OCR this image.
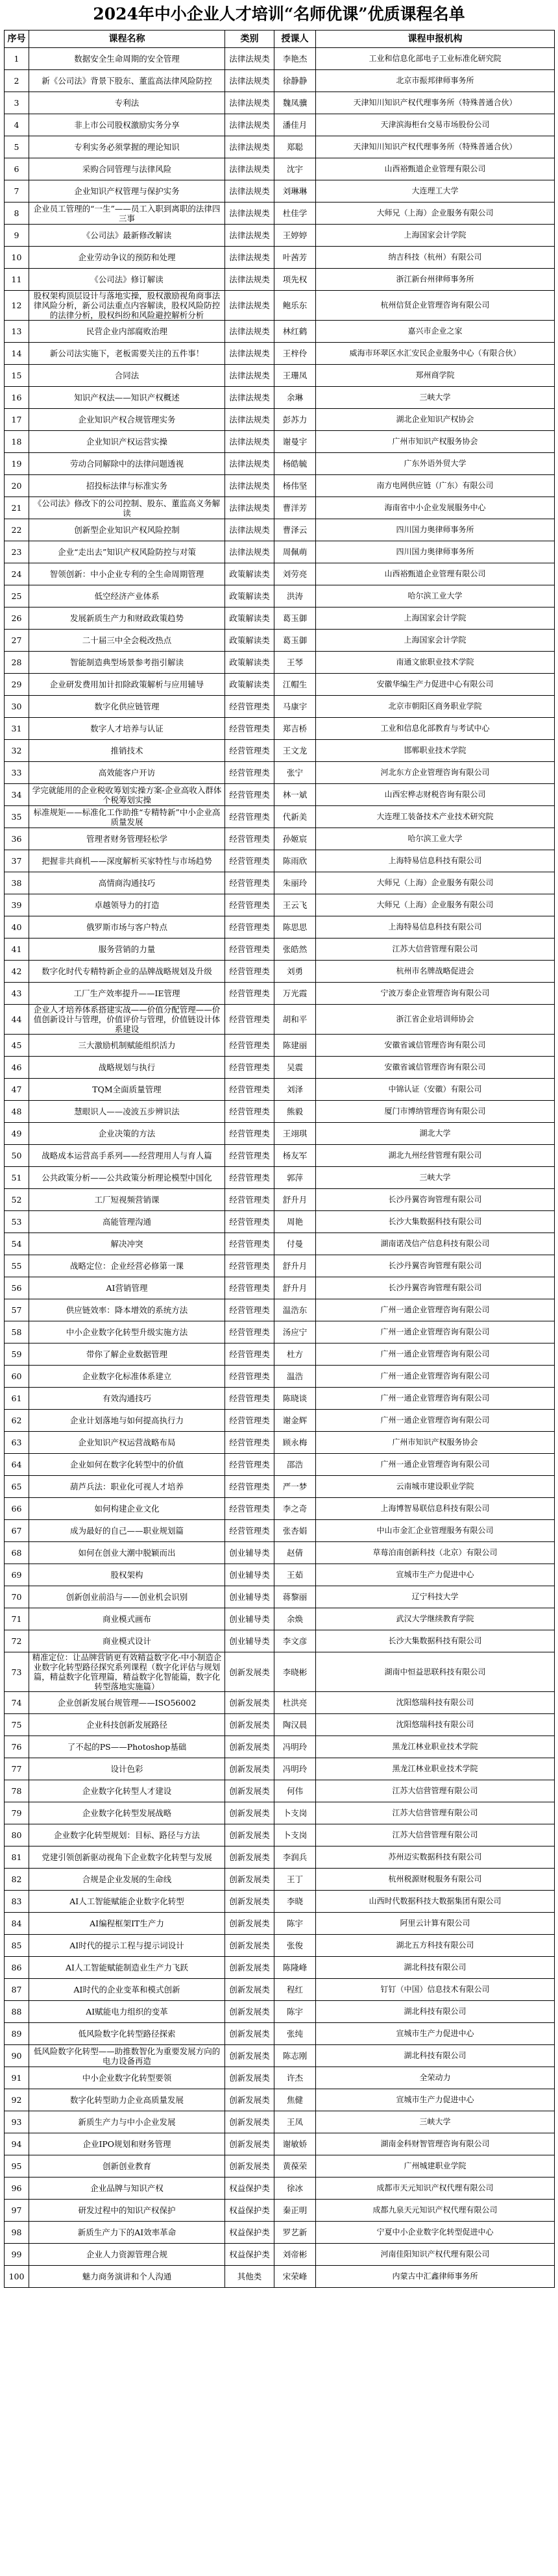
2024年中小企业人才培训“名师优课”优质课程名单
序号	课程名称	类别	授课人	课程申报机构
1	数据安全生命周期的安全管理	法律法规类	李艳杰	工业和信息化部电子工业标准化研究院
2	新《公司法》背景下股东、董监高法律风险防控	法律法规类	徐静静	北京市振邦律师事务所
3	专利法	法律法规类	魏凤骥	天津知川知识产权代理事务所（特殊普通合伙）
4	非上市公司股权激励实务分享	法律法规类	潘佳月	天津滨海柜台交易市场股份公司
5	专利实务必须掌握的理论知识	法律法规类	郑聪	天津知川知识产权代理事务所（特殊普通合伙）
6	采购合同管理与法律风险	法律法规类	沈宇	山西裕甄道企业管理有限公司
7	企业知识产权管理与保护实务	法律法规类	刘琳琳	大连理工大学
8	企业员工管理的“一生”——员工入职到离职的法律四三事	法律法规类	杜佳学	大师兄（上海）企业服务有限公司
9	《公司法》最新修改解读	法律法规类	王婷婷	上海国家会计学院
10	企业劳动争议的预防和处理	法律法规类	叶茜芳	纳吉科技（杭州）有限公司
11	《公司法》修订解读	法律法规类	项先权	浙江新台州律师事务所
12	股权架构顶层设计与落地实操，股权激励视角商事法律风险分析，新公司法重点内容解读，股权风险防控的法律分析，股权纠纷和风险避控解析分析	法律法规类	鲍乐东	杭州信贤企业管理咨询有限公司
13	民营企业内部腐败治理	法律法规类	林红鹤	嘉兴市企业之家
14	新公司法实施下，老板需要关注的五件事！	法律法规类	王梓伶	威海市环翠区水汇安民企业服务中心（有限合伙）
15	合同法	法律法规类	王珊凤	郑州商学院
16	知识产权法——知识产权概述	法律法规类	余琳	三峡大学
17	企业知识产权合规管理实务	法律法规类	彭苏力	湖北企业知识产权协会
18	企业知识产权运营实操	法律法规类	谢曼宇	广州市知识产权服务协会
19	劳动合同解除中的法律问题透视	法律法规类	杨皓毓	广东外语外贸大学
20	招投标法律与标准实务	法律法规类	杨伟坚	南方电网供应链（广东）有限公司
21	《公司法》修改下的公司控制、股东、董监高义务解读	法律法规类	曹洋芳	海南省中小企业发展服务中心
22	创新型企业知识产权风险控制	法律法规类	曹泽云	四川国力奥律师事务所
23	企业“走出去”知识产权风险防控与对策	法律法规类	周佩萌	四川国力奥律师事务所
24	智领创新：中小企业专利的全生命周期管理	政策解读类	刘劳亮	山西裕甄道企业管理有限公司
25	低空经济产业体系	政策解读类	洪涛	哈尔滨工业大学
26	发展新质生产力和财政政策趋势	政策解读类	葛玉御	上海国家会计学院
27	二十届三中全会税改热点	政策解读类	葛玉御	上海国家会计学院
28	智能制造典型场景参考指引解读	政策解读类	王琴	南通文旅职业技术学院
29	企业研发费用加计扣除政策解析与应用辅导	政策解读类	江帽生	安徽华编生产力促进中心有限公司
30	数字化供应链管理	经营管理类	马康宇	北京市朝阳区商务职业学院
31	数字人才培养与认证	经营管理类	郑吉桥	工业和信息化部教育与考试中心
32	推销技术	经营管理类	王文龙	邯郸职业技术学院
33	高效能客户开访	经营管理类	张宁	河北东方企业管理咨询有限公司
34	学完就能用的企业税收筹划实操方案-企业高收入群体个税筹划实操	经营管理类	林一斌	山西宏桦志财税咨询有限公司
35	标准规矩——标准化工作助推“专精特新”中小企业高质量发展	经营管理类	代新美	大连理工装备技术产业技术研究院
36	管理者财务管理轻松学	经营管理类	孙姬宸	哈尔滨工业大学
37	把握非共商机——深度解析买家特性与市场趋势	经营管理类	陈雨欣	上海特易信息科技有限公司
38	高情商沟通技巧	经营管理类	朱丽玲	大师兄（上海）企业服务有限公司
39	卓越领导力的打造	经营管理类	王云飞	大师兄（上海）企业服务有限公司
40	俄罗斯市场与客户特点	经营管理类	陈思思	上海特易信息科技有限公司
41	服务营销的力量	经营管理类	张皓然	江苏大信营管理有限公司
42	数字化时代专精特新企业的品牌战略规划及升级	经营管理类	刘勇	杭州市名牌战略促进会
43	工厂生产效率提升——IE管理	经营管理类	万光霞	宁波万泰企业管理咨询有限公司
44	企业人才培养体系搭建实战——价值分配管理——价值创新设计与管理，价值评价与管理，价值链设计体系建设	经营管理类	胡和平	浙江省企业培训师协会
45	三大激励机制赋能组织活力	经营管理类	陈建丽	安徽省诚信管理咨询有限公司
46	战略规划与执行	经营管理类	吴震	安徽省诚信管理咨询有限公司
47	TQM全面质量管理	经营管理类	刘泽	中锦认证（安徽）有限公司
48	慧眼识人——凌波五步辨识法	经营管理类	熊毅	厦门市博纳管理咨询有限公司
49	企业决策的方法	经营管理类	王翊琪	湖北大学
50	战略成本运营高手系列——经营理用人与育人篇	经营管理类	杨友军	湖北九州经营管理有限公司
51	公共政策分析——公共政策分析理论模型中国化	经营管理类	郭萍	三峡大学
52	工厂短视频营销课	经营管理类	舒升月	长沙丹翼咨询管理有限公司
53	高能管理沟通	经营管理类	周艳	长沙大集数据科技有限公司
54	解决冲突	经营管理类	付曼	湖南诺茂信产信息科技有限公司
55	战略定位：企业经营必修第一课	经营管理类	舒升月	长沙丹翼咨询管理有限公司
56	AI营销管理	经营管理类	舒升月	长沙丹翼咨询管理有限公司
57	供应链效率：降本增效的系统方法	经营管理类	温浩东	广州一通企业管理咨询有限公司
58	中小企业数字化转型升级实施方法	经营管理类	汤应宁	广州一通企业管理咨询有限公司
59	带你了解企业数据管理	经营管理类	杜方	广州一通企业管理咨询有限公司
60	企业数字化标准体系建立	经营管理类	温浩	广州一通企业管理咨询有限公司
61	有效沟通技巧	经营管理类	陈晓谈	广州一通企业管理咨询有限公司
62	企业计划落地与如何提高执行力	经营管理类	谢金辉	广州一通企业管理咨询有限公司
63	企业知识产权运营战略布局	经营管理类	顾永梅	广州市知识产权服务协会
64	企业如何在数字化转型中的价值	经营管理类	邵浩	广州一通企业管理咨询有限公司
65	葫芦兵法：职业化可视人才培养	经营管理类	严一梦	云南城市建设职业学院
66	如何构建企业文化	经营管理类	李之奇	上海博智易联信息科技有限公司
67	成为最好的自己——职业规划篇	经营管理类	张杏娟	中山市金汇企业管理服务有限公司
68	如何在创业大潮中脱颖而出	创业辅导类	赵倩	草莓泊南创新科技（北京）有限公司
69	股权架构	创业辅导类	王茹	宣城市生产力促进中心
70	创新创业前沿与——创业机会识别	创业辅导类	蒋黎丽	辽宁科技大学
71	商业模式画布	创业辅导类	余焕	武汉大学继续教育学院
72	商业模式设计	创业辅导类	李文彦	长沙大集数据科技有限公司
73	精准定位：让品牌营销更有效精益数字化-中小制造企业数字化转型路径探究系列课程（数字化评估与规划篇，精益数字化管理篇，精益数字化智能篇，数字化转型落地实施篇）	创新发展类	李晓彬	湖南中恒益思联科技有限公司
74	企业创新发展台规管理——ISO56002	创新发展类	杜洪亮	沈阳悠瑞科技有限公司
75	企业科技创新发展路径	创新发展类	陶汉晨	沈阳悠瑞科技有限公司
76	了不起的PS——Photoshop基础	创新发展类	冯明玲	黑龙江林业职业技术学院
77	设计色彩	创新发展类	冯明玲	黑龙江林业职业技术学院
78	企业数字化转型人才建设	创新发展类	何伟	江苏大信营管理有限公司
79	企业数字化转型发展战略	创新发展类	卜支岗	江苏大信营管理有限公司
80	企业数字化转型规划：目标、路径与方法	创新发展类	卜支岗	江苏大信营管理有限公司
81	党建引领创新驱动视角下企业数字化转型与发展	创新发展类	李润兵	苏州迈实数据科技有限公司
82	合规是企业发展的生命线	创新发展类	王丁	杭州税源财税服务有限公司
83	AI人工智能赋能企业数字化转型	创新发展类	李晓	山西时代数据科技大数据集团有限公司
84	AI编程框架IT生产力	创新发展类	陈宇	阿里云计算有限公司
85	AI时代的提示工程与提示词设计	创新发展类	张俊	湖北五方科技有限公司
86	AI人工智能赋能制造业生产力飞跃	创新发展类	陈隆峰	湖北科技有限公司
87	AI时代的企业变革和模式创新	创新发展类	程红	钉钉（中国）信息技术有限公司
88	AI赋能电力组织的变革	创新发展类	陈宇	湖北科技有限公司
89	低风险数字化转型路径探索	创新发展类	张纯	宣城市生产力促进中心
90	低风险数字化转型——助推数智化为重要发展方向的电力设备再造	创新发展类	陈志刚	湖北科技有限公司
91	中小企业数字化转型要领	创新发展类	许杰	全荣动力
92	数字化转型助力企业高质量发展	创新发展类	焦健	宣城市生产力促进中心
93	新质生产力与中小企业发展	创新发展类	王凤	三峡大学
94	企业IPO规划和财务管理	创新发展类	谢敏娇	湖南金科财智管理咨询有限公司
95	创新创业教育	创新发展类	黄葆荣	广州城建职业学院
96	企业品牌与知识产权	权益保护类	徐冰	成都市天元知识产权代理有限公司
97	研发过程中的知识产权保护	权益保护类	秦正明	成都九泉天元知识产权代理有限公司
98	新质生产力下的AI效率革命	权益保护类	罗艺新	宁夏中小企业数字化转型促进中心
99	企业人力资源管理合规	权益保护类	刘帝彬	河南佳阳知识产权代理有限公司
100	魅力商务演讲和个人沟通	其他类	宋荣峰	内蒙古中汇鑫律师事务所
